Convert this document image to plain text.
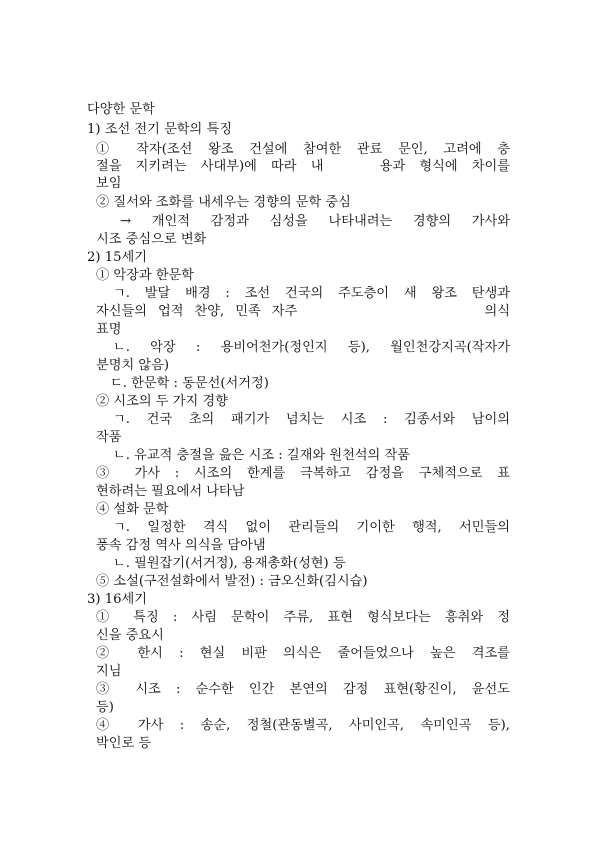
다양한 문학
1) 조선 전기 문학의 특징
① 작자(조선 왕조 건설에 참여한 관료 문인, 고려에 충
절을 지키려는 사대부)에 따라 내　　용과 형식에 차이를
보임
② 질서와 조화를 내세우는 경향의 문학 중심
→ 개인적 감정과 심성을 나타내려는 경향의 가사와
시조 중심으로 변화
2) 15세기
① 악장과 한문학
ㄱ. 발달 배경 : 조선 건국의 주도층이 새 왕조 탄생과
자신들의 업적 찬양, 민족 자주　　　　　　　　　의식
표명
ㄴ. 악장 : 용비어천가(정인지 등), 월인천강지곡(작자가
분명치 않음)
ㄷ. 한문학 : 동문선(서거정)
② 시조의 두 가지 경향
ㄱ. 건국 초의 패기가 넘치는 시조 : 김종서와 남이의
작품
ㄴ. 유교적 충절을 읊은 시조 : 길재와 원천석의 작품
③ 가사 : 시조의 한계를 극복하고 감정을 구체적으로 표
현하려는 필요에서 나타남
④ 설화 문학
ㄱ. 일정한 격식 없이 관리들의 기이한 행적, 서민들의
풍속 감정 역사 의식을 담아냄
ㄴ. 필원잡기(서거정), 용재총화(성현) 등
⑤ 소설(구전설화에서 발전) : 금오신화(김시습)
3) 16세기
① 특징 : 사림 문학이 주류, 표현 형식보다는 흥취와 정
신을 중요시
② 한시 : 현실 비판 의식은 줄어들었으나 높은 격조를
지님
③ 시조 : 순수한 인간 본연의 감정 표현(황진이, 윤선도
등)
④ 가사 : 송순, 정철(관동별곡, 사미인곡, 속미인곡 등),
박인로 등
